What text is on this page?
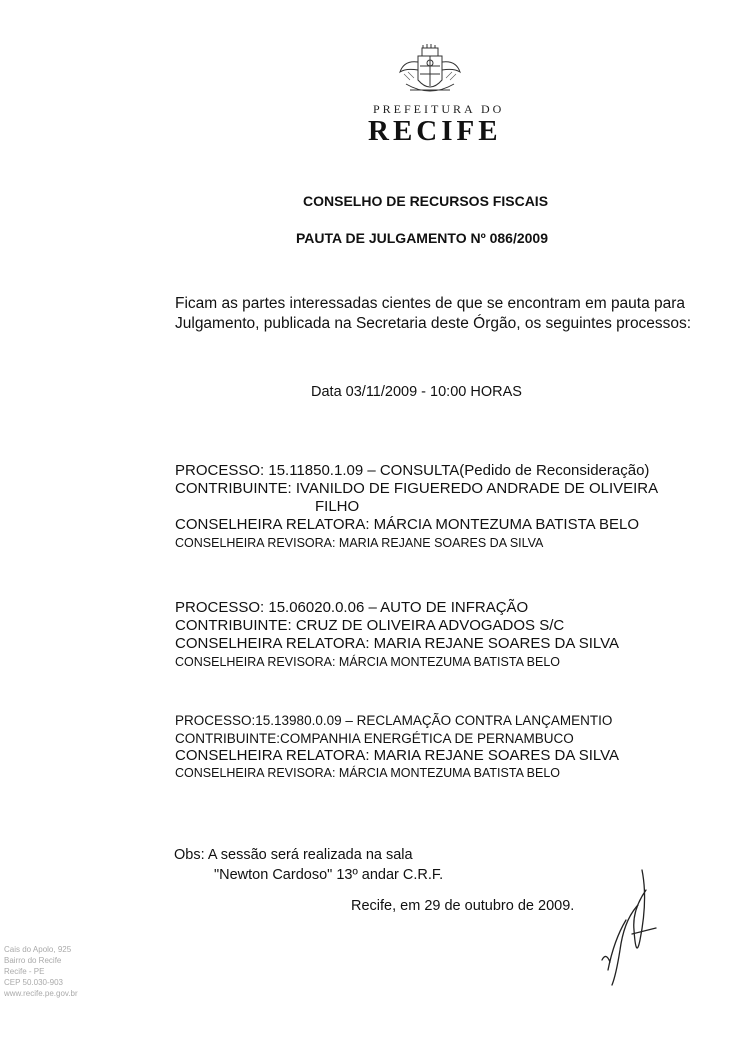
PREFEITURA DO
RECIFE
CONSELHO DE RECURSOS FISCAIS
PAUTA DE JULGAMENTO Nº 086/2009
Ficam as partes interessadas cientes de que se encontram em pauta para
Julgamento, publicada na Secretaria deste Órgão, os seguintes processos:
Data 03/11/2009 - 10:00 HORAS
PROCESSO: 15.11850.1.09 – CONSULTA(Pedido de Reconsideração)
CONTRIBUINTE: IVANILDO DE FIGUEREDO ANDRADE DE OLIVEIRA
FILHO
CONSELHEIRA RELATORA: MÁRCIA MONTEZUMA BATISTA BELO
CONSELHEIRA REVISORA: MARIA REJANE SOARES DA SILVA
PROCESSO: 15.06020.0.06 – AUTO DE INFRAÇÃO
CONTRIBUINTE: CRUZ DE OLIVEIRA ADVOGADOS S/C
CONSELHEIRA RELATORA: MARIA REJANE SOARES DA SILVA
CONSELHEIRA REVISORA: MÁRCIA MONTEZUMA BATISTA BELO
PROCESSO:15.13980.0.09 – RECLAMAÇÃO CONTRA LANÇAMENTIO
CONTRIBUINTE:COMPANHIA ENERGÉTICA DE PERNAMBUCO
CONSELHEIRA RELATORA: MARIA REJANE SOARES DA SILVA
CONSELHEIRA REVISORA: MÁRCIA MONTEZUMA BATISTA BELO
Obs: A sessão será realizada na sala
"Newton Cardoso" 13º andar C.R.F.
Recife, em 29 de outubro de 2009.
Cais do Apolo, 925
Bairro do Recife
Recife - PE
CEP 50.030-903
www.recife.pe.gov.br
